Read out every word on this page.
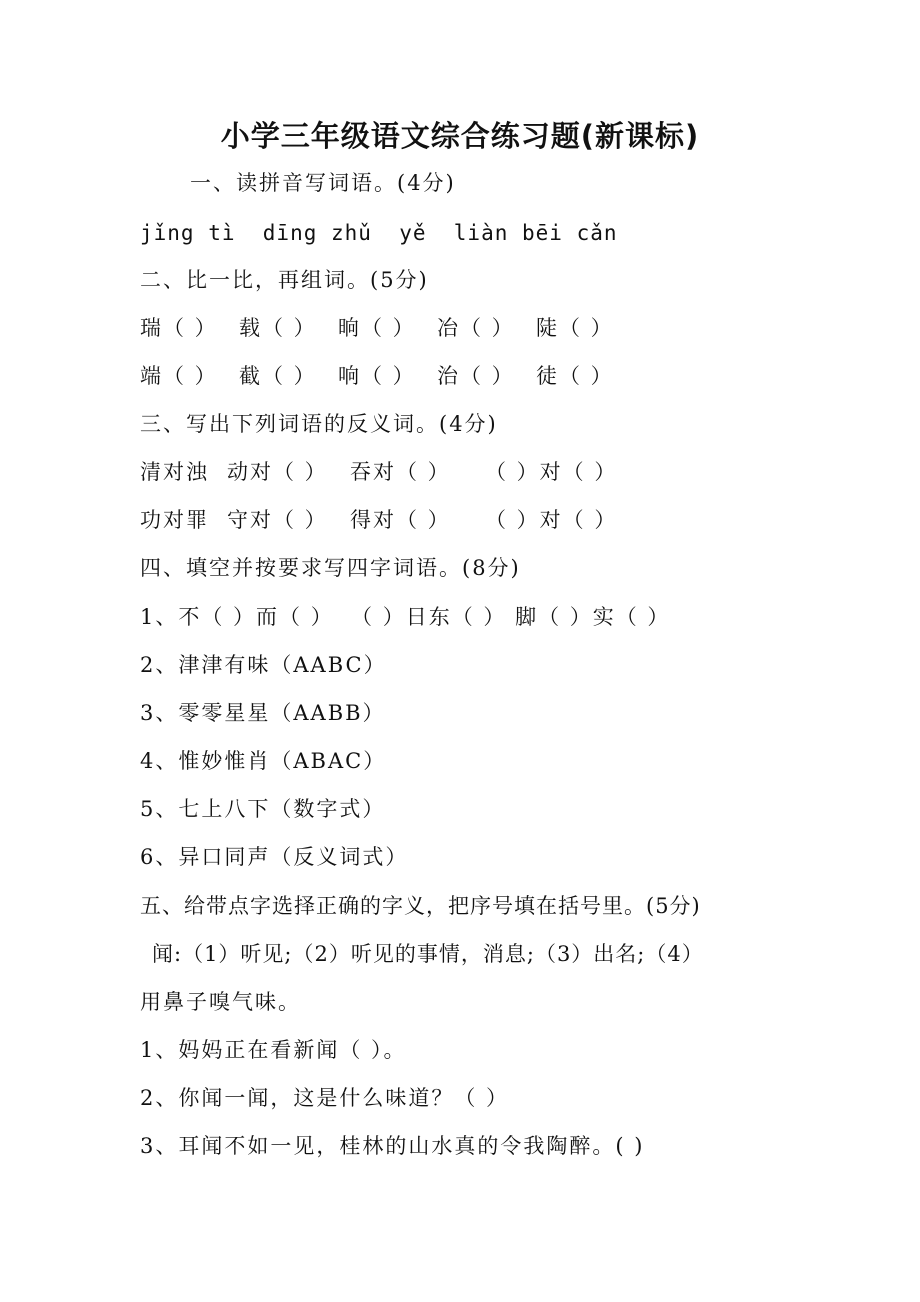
小学三年级语文综合练习题(新课标)
一、读拼音写词语。(4分)
jǐng tì  dīng zhǔ  yě  liàn bēi cǎn
二、比一比，再组词。(5分)
瑞（ ） 载（ ） 晌（ ） 冶（ ） 陡（ ）
端（ ） 截（ ） 响（ ） 治（ ） 徒（ ）
三、写出下列词语的反义词。(4分)
清对浊 动对（ ） 吞对（ ） （ ）对（ ）
功对罪 守对（ ） 得对（ ） （ ）对（ ）
四、填空并按要求写四字词语。(8分)
1、不（ ）而（ ）  （ ）日东（ ） 脚（ ）实（ ）
2、津津有味（AABC）
3、零零星星（AABB）
4、惟妙惟肖（ABAC）
5、七上八下（数字式）
6、异口同声（反义词式）
五、给带点字选择正确的字义，把序号填在括号里。(5分)
闻:（1）听见;（2）听见的事情，消息;（3）出名;（4）
用鼻子嗅气味。
1、妈妈正在看新闻（ ）。
2、你闻一闻，这是什么味道？（ ）
3、耳闻不如一见，桂林的山水真的令我陶醉。( )
